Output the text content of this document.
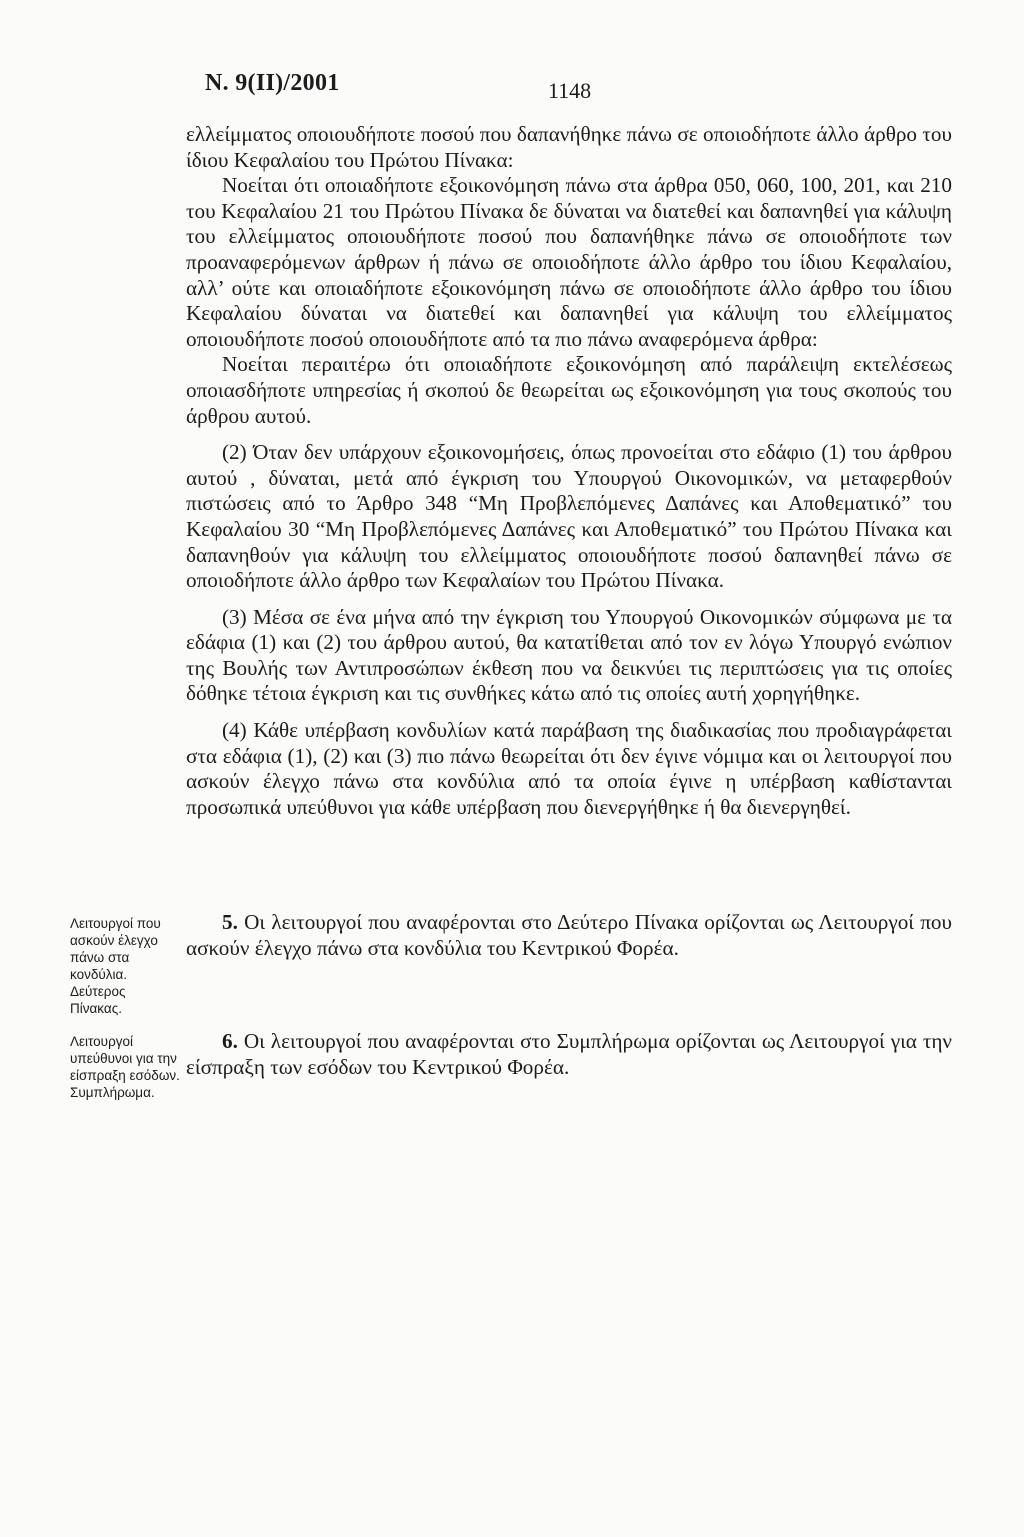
Ν. 9(ΙΙ)/2001	1148

ελλείμματος οποιουδήποτε ποσού που δαπανήθηκε πάνω σε οποιοδήποτε άλλο άρθρο του ίδιου Κεφαλαίου του Πρώτου Πίνακα:

Νοείται ότι οποιαδήποτε εξοικονόμηση πάνω στα άρθρα 050, 060, 100, 201, και 210 του Κεφαλαίου 21 του Πρώτου Πίνακα δε δύναται να διατεθεί και δαπανηθεί για κάλυψη του ελλείμματος οποιουδήποτε ποσού που δαπανήθηκε πάνω σε οποιοδήποτε των προαναφερόμενων άρθρων ή πάνω σε οποιοδήποτε άλλο άρθρο του ίδιου Κεφαλαίου, αλλ’ ούτε και οποιαδήποτε εξοικονόμηση πάνω σε οποιοδήποτε άλλο άρθρο του ίδιου Κεφαλαίου δύναται να διατεθεί και δαπανηθεί για κάλυψη του ελλείμματος οποιουδήποτε ποσού οποιουδήποτε από τα πιο πάνω αναφερόμενα άρθρα:

Νοείται περαιτέρω ότι οποιαδήποτε εξοικονόμηση από παράλειψη εκτελέσεως οποιασδήποτε υπηρεσίας ή σκοπού δε θεωρείται ως εξοικονόμηση για τους σκοπούς του άρθρου αυτού.

(2) Όταν δεν υπάρχουν εξοικονομήσεις, όπως προνοείται στο εδάφιο (1) του άρθρου αυτού , δύναται, μετά από έγκριση του Υπουργού Οικονομικών, να μεταφερθούν πιστώσεις από το Άρθρο 348 “Μη Προβλεπόμενες Δαπάνες και Αποθεματικό” του Κεφαλαίου 30 “Μη Προβλεπόμενες Δαπάνες και Αποθεματικό” του Πρώτου Πίνακα και δαπανηθούν για κάλυψη του ελλείμματος οποιουδήποτε ποσού δαπανηθεί πάνω σε οποιοδήποτε άλλο άρθρο των Κεφαλαίων του Πρώτου Πίνακα.

(3) Μέσα σε ένα μήνα από την έγκριση του Υπουργού Οικονομικών σύμφωνα με τα εδάφια (1) και (2) του άρθρου αυτού, θα κατατίθεται από τον εν λόγω Υπουργό ενώπιον της Βουλής των Αντιπροσώπων έκθεση που να δεικνύει τις περιπτώσεις για τις οποίες δόθηκε τέτοια έγκριση και τις συνθήκες κάτω από τις οποίες αυτή χορηγήθηκε.

(4) Κάθε υπέρβαση κονδυλίων κατά παράβαση της διαδικασίας που προδιαγράφεται στα εδάφια (1), (2) και (3) πιο πάνω θεωρείται ότι δεν έγινε νόμιμα και οι λειτουργοί που ασκούν έλεγχο πάνω στα κονδύλια από τα οποία έγινε η υπέρβαση καθίστανται προσωπικά υπεύθυνοι για κάθε υπέρβαση που διενεργήθηκε ή θα διενεργηθεί.

5. Οι λειτουργοί που αναφέρονται στο Δεύτερο Πίνακα ορίζονται ως Λειτουργοί που ασκούν έλεγχο πάνω στα κονδύλια του Κεντρικού Φορέα.

6. Οι λειτουργοί που αναφέρονται στο Συμπλήρωμα ορίζονται ως Λειτουργοί για την είσπραξη των εσόδων του Κεντρικού Φορέα.

Λειτουργοί που ασκούν έλεγχο πάνω στα κονδύλια. Δεύτερος Πίνακας.
Λειτουργοί υπεύθυνοι για την είσπραξη εσόδων. Συμπλήρωμα.
